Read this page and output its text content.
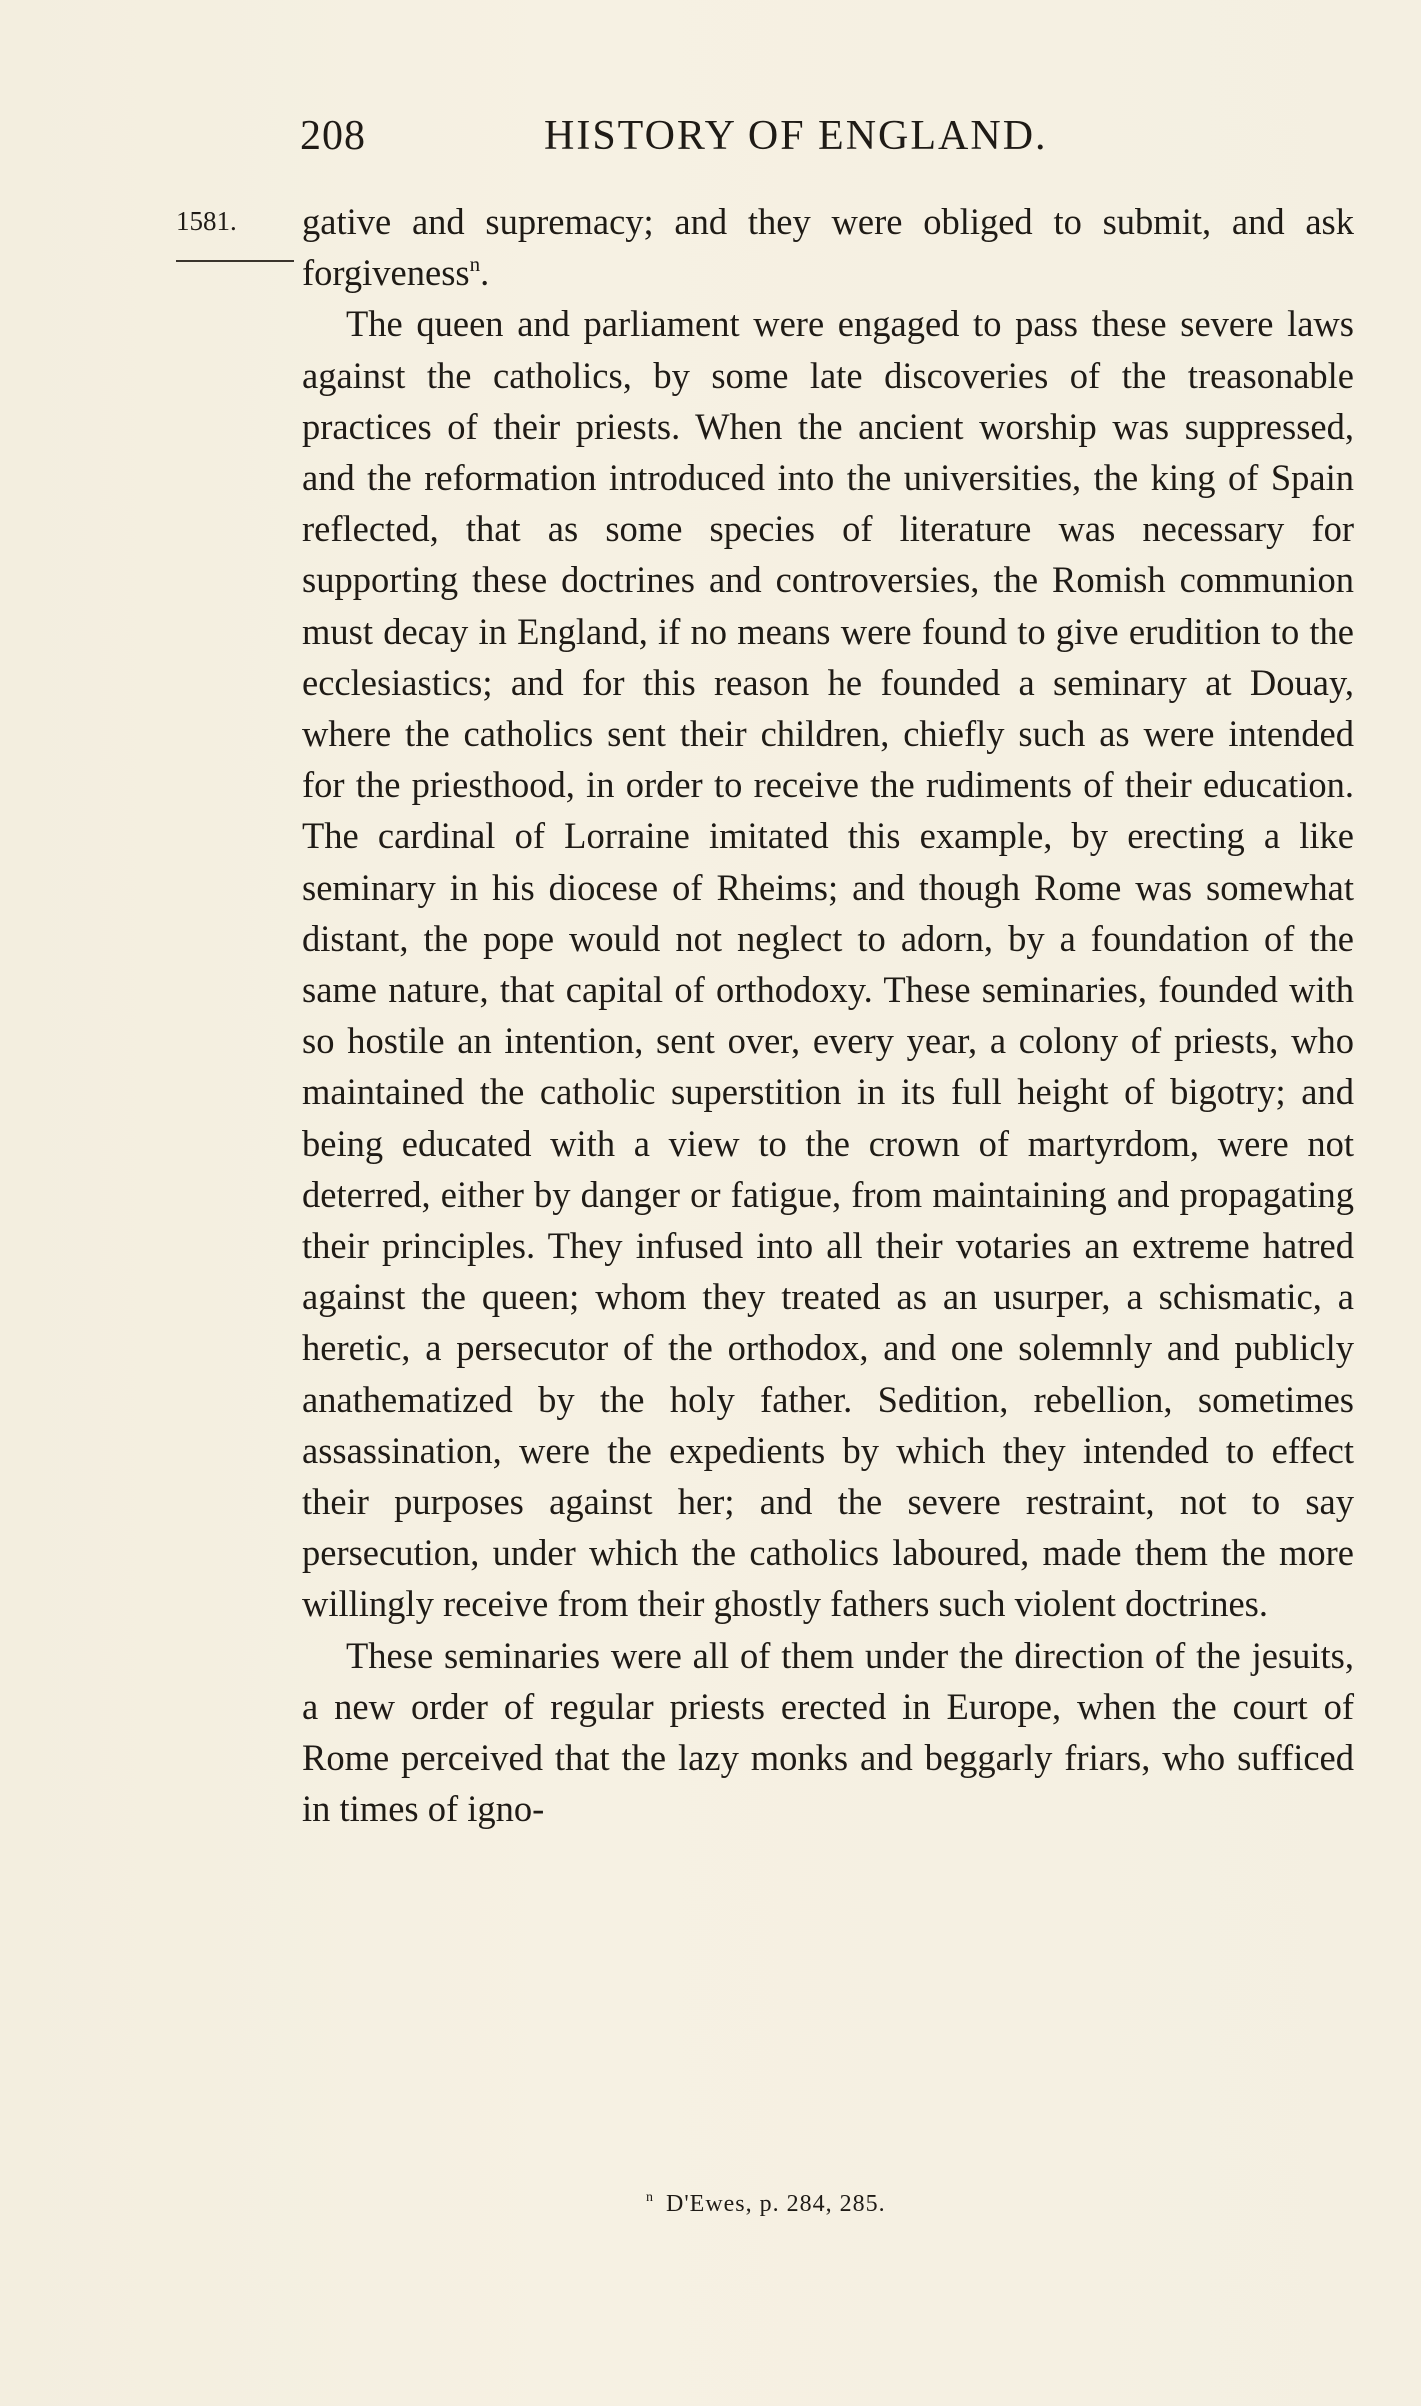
208	HISTORY OF ENGLAND.
1581. gative and supremacy; and they were obliged to submit, and ask forgiveness$^n$.

The queen and parliament were engaged to pass these severe laws against the catholics, by some late discoveries of the treasonable practices of their priests. When the ancient worship was suppressed, and the reformation introduced into the universities, the king of Spain reflected, that as some species of literature was necessary for supporting these doctrines and controversies, the Romish communion must decay in England, if no means were found to give erudition to the ecclesiastics; and for this reason he founded a seminary at Douay, where the catholics sent their children, chiefly such as were intended for the priesthood, in order to receive the rudiments of their education. The cardinal of Lorraine imitated this example, by erecting a like seminary in his diocese of Rheims; and though Rome was somewhat distant, the pope would not neglect to adorn, by a foundation of the same nature, that capital of orthodoxy. These seminaries, founded with so hostile an intention, sent over, every year, a colony of priests, who maintained the catholic superstition in its full height of bigotry; and being educated with a view to the crown of martyrdom, were not deterred, either by danger or fatigue, from maintaining and propagating their principles. They infused into all their votaries an extreme hatred against the queen; whom they treated as an usurper, a schismatic, a heretic, a persecutor of the orthodox, and one solemnly and publicly anathematized by the holy father. Sedition, rebellion, sometimes assassination, were the expedients by which they intended to effect their purposes against her; and the severe restraint, not to say persecution, under which the catholics laboured, made them the more willingly receive from their ghostly fathers such violent doctrines.

These seminaries were all of them under the direction of the jesuits, a new order of regular priests erected in Europe, when the court of Rome perceived that the lazy monks and beggarly friars, who sufficed in times of igno-

$^n$ D'Ewes, p. 284, 285.
